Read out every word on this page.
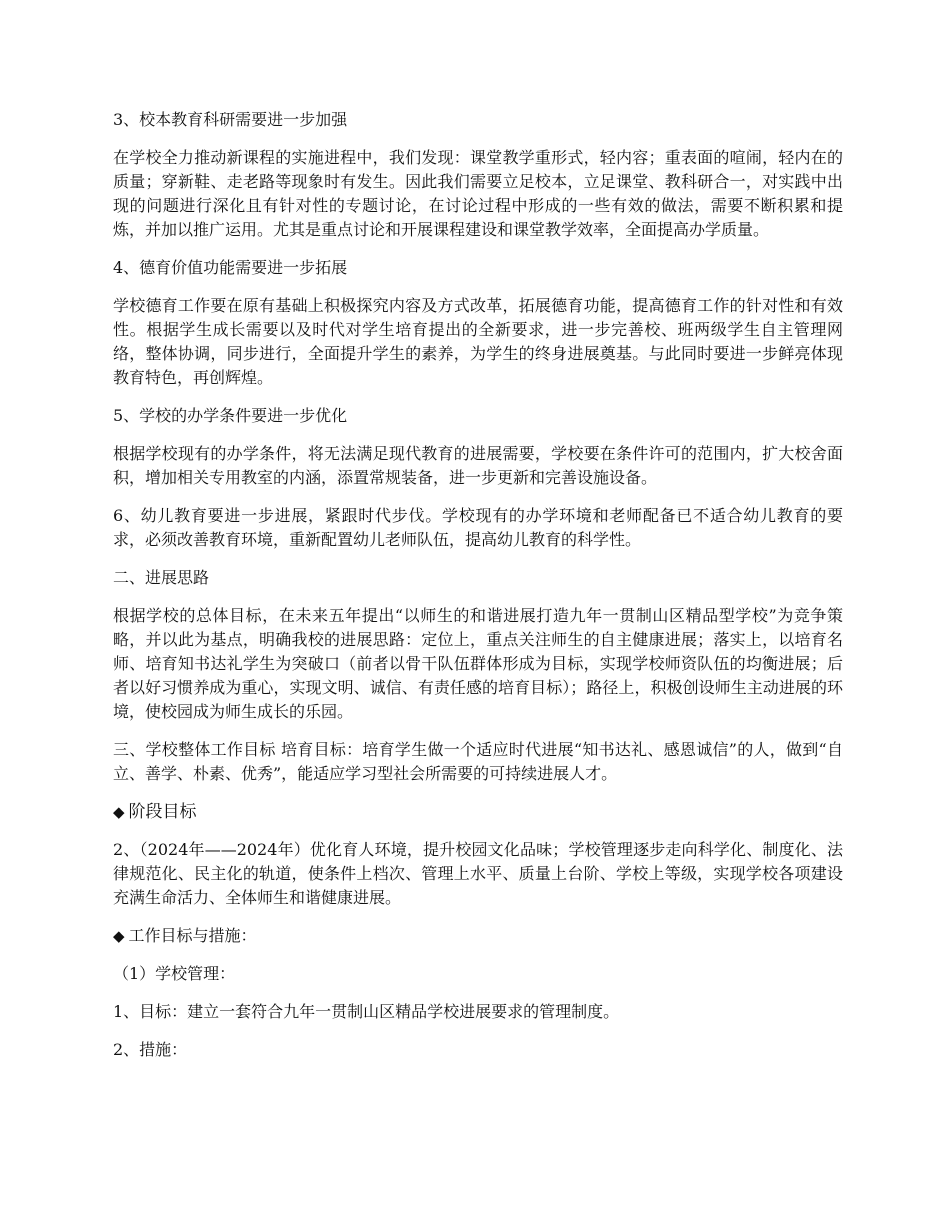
3、校本教育科研需要进一步加强
在学校全力推动新课程的实施进程中，我们发现：课堂教学重形式，轻内容；重表面的喧闹，轻内在的质量；穿新鞋、走老路等现象时有发生。因此我们需要立足校本，立足课堂、教科研合一，对实践中出现的问题进行深化且有针对性的专题讨论，在讨论过程中形成的一些有效的做法，需要不断积累和提炼，并加以推广运用。尤其是重点讨论和开展课程建设和课堂教学效率，全面提高办学质量。
4、德育价值功能需要进一步拓展
学校德育工作要在原有基础上积极探究内容及方式改革，拓展德育功能，提高德育工作的针对性和有效性。根据学生成长需要以及时代对学生培育提出的全新要求，进一步完善校、班两级学生自主管理网络，整体协调，同步进行，全面提升学生的素养，为学生的终身进展奠基。与此同时要进一步鲜亮体现教育特色，再创辉煌。
5、学校的办学条件要进一步优化
根据学校现有的办学条件，将无法满足现代教育的进展需要，学校要在条件许可的范围内，扩大校舍面积，增加相关专用教室的内涵，添置常规装备，进一步更新和完善设施设备。
6、幼儿教育要进一步进展，紧跟时代步伐。学校现有的办学环境和老师配备已不适合幼儿教育的要求，必须改善教育环境，重新配置幼儿老师队伍，提高幼儿教育的科学性。
二、进展思路
根据学校的总体目标，在未来五年提出“以师生的和谐进展打造九年一贯制山区精品型学校”为竞争策略，并以此为基点，明确我校的进展思路：定位上，重点关注师生的自主健康进展；落实上，以培育名师、培育知书达礼学生为突破口（前者以骨干队伍群体形成为目标，实现学校师资队伍的均衡进展；后者以好习惯养成为重心，实现文明、诚信、有责任感的培育目标）；路径上，积极创设师生主动进展的环境，使校园成为师生成长的乐园。
三、学校整体工作目标 培育目标：培育学生做一个适应时代进展“知书达礼、感恩诚信”的人，做到“自立、善学、朴素、优秀”，能适应学习型社会所需要的可持续进展人才。
◆ 阶段目标
2、（2024年——2024年）优化育人环境，提升校园文化品味；学校管理逐步走向科学化、制度化、法律规范化、民主化的轨道，使条件上档次、管理上水平、质量上台阶、学校上等级，实现学校各项建设充满生命活力、全体师生和谐健康进展。
◆ 工作目标与措施：
（1）学校管理：
1、目标：建立一套符合九年一贯制山区精品学校进展要求的管理制度。
2、措施：
